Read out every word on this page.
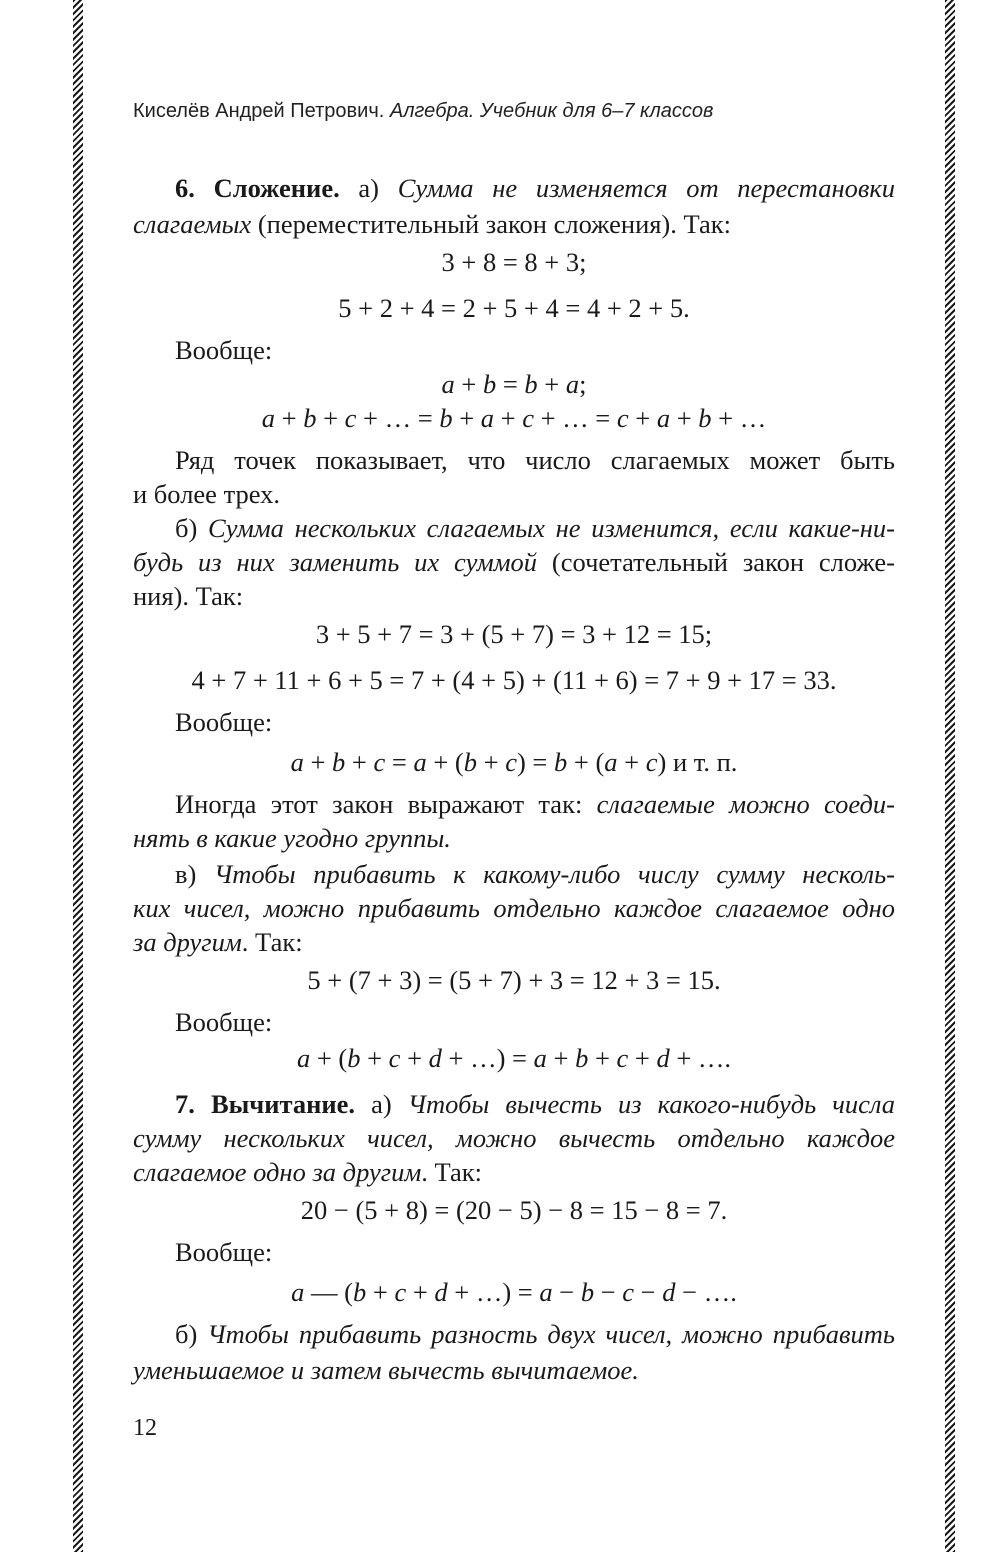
Киселёв Андрей Петрович. Алгебра. Учебник для 6–7 классов
6. Сложение. а) Сумма не изменяется от перестановки
слагаемых (переместительный закон сложения). Так:
3 + 8 = 8 + 3;
5 + 2 + 4 = 2 + 5 + 4 = 4 + 2 + 5.
Вообще:
a + b = b + a;
a + b + c + … = b + a + c + … = c + a + b + …
Ряд точек показывает, что число слагаемых может быть
и более трех.
б) Сумма нескольких слагаемых не изменится, если какие-ни-
будь из них заменить их суммой (сочетательный закон сложе-
ния). Так:
3 + 5 + 7 = 3 + (5 + 7) = 3 + 12 = 15;
4 + 7 + 11 + 6 + 5 = 7 + (4 + 5) + (11 + 6) = 7 + 9 + 17 = 33.
Вообще:
a + b + c = a + (b + c) = b + (a + c) и т. п.
Иногда этот закон выражают так: слагаемые можно соеди-
нять в какие угодно группы.
в) Чтобы прибавить к какому-либо числу сумму несколь-
ких чисел, можно прибавить отдельно каждое слагаемое одно
за другим. Так:
5 + (7 + 3) = (5 + 7) + 3 = 12 + 3 = 15.
Вообще:
a + (b + c + d + …) = a + b + c + d + ….
7. Вычитание. а) Чтобы вычесть из какого-нибудь числа
сумму нескольких чисел, можно вычесть отдельно каждое
слагаемое одно за другим. Так:
20 − (5 + 8) = (20 − 5) − 8 = 15 − 8 = 7.
Вообще:
a — (b + c + d + …) = a − b − c − d − ….
б) Чтобы прибавить разность двух чисел, можно прибавить
уменьшаемое и затем вычесть вычитаемое.
12
